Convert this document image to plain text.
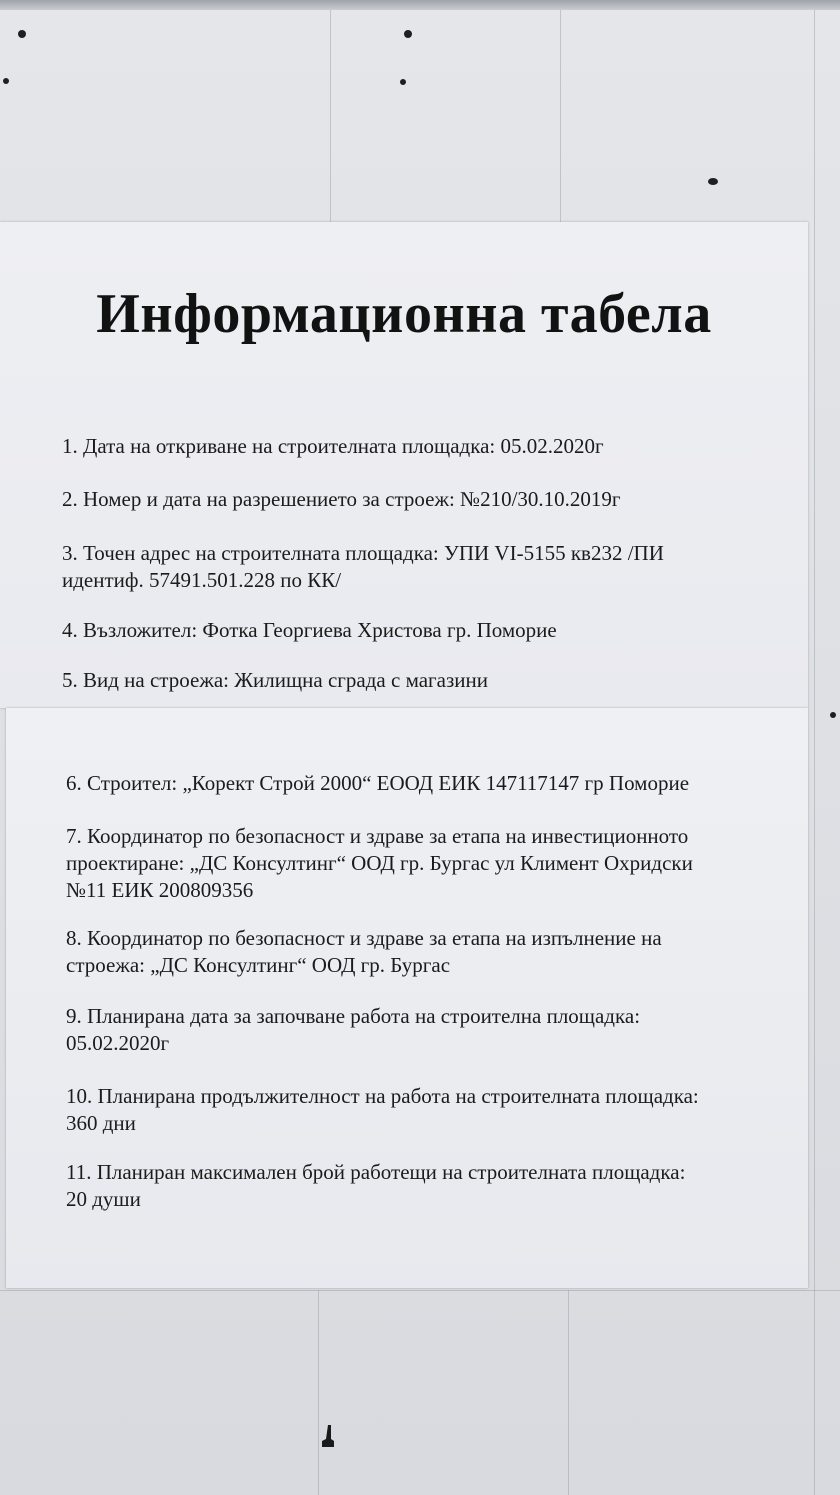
Информационна табела
1. Дата на откриване на строителната площадка: 05.02.2020г
2. Номер и дата на разрешението за строеж: №210/30.10.2019г
3. Точен адрес на строителната площадка: УПИ VI-5155 кв232 /ПИ
идентиф. 57491.501.228 по КК/
4. Възложител: Фотка Георгиева Христова гр. Поморие
5. Вид на строежа: Жилищна сграда с магазини
6. Строител: „Корект Строй 2000“ ЕООД ЕИК 147117147 гр Поморие
7. Координатор по безопасност и здраве за етапа на инвестиционното
проектиране: „ДС Консултинг“ ООД гр. Бургас ул Климент Охридски
№11 ЕИК 200809356
8. Координатор по безопасност и здраве за етапа на изпълнение на
строежа: „ДС Консултинг“ ООД гр. Бургас
9. Планирана дата за започване работа на строителна площадка:
05.02.2020г
10. Планирана продължителност на работа на строителната площадка:
360 дни
11. Планиран максимален брой работещи на строителната площадка:
20 души
